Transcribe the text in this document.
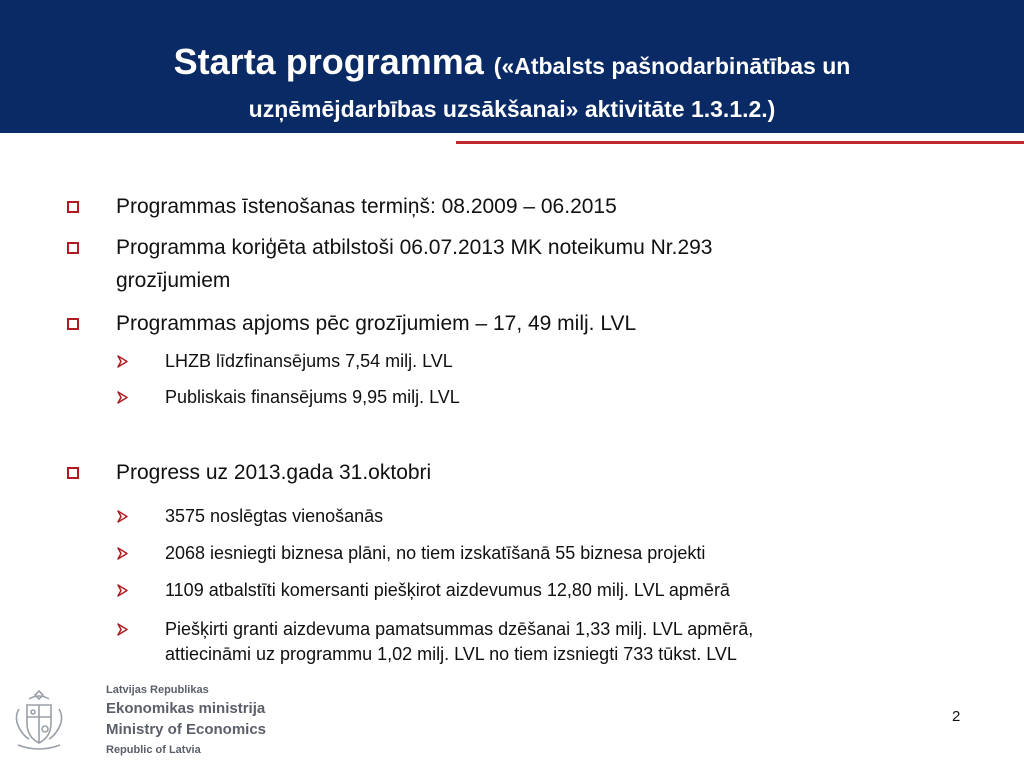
Starta programma («Atbalsts pašnodarbinātības un
uzņēmējdarbības uzsākšanai» aktivitāte 1.3.1.2.)
Programmas īstenošanas termiņš: 08.2009 – 06.2015
Programma koriģēta atbilstoši 06.07.2013 MK noteikumu Nr.293
grozījumiem
Programmas apjoms pēc grozījumiem – 17, 49 milj. LVL
LHZB līdzfinansējums 7,54 milj. LVL
Publiskais finansējums 9,95 milj. LVL
Progress uz 2013.gada 31.oktobri
3575 noslēgtas vienošanās
2068 iesniegti biznesa plāni, no tiem izskatīšanā 55 biznesa projekti
1109 atbalstīti komersanti piešķirot aizdevumus 12,80 milj. LVL apmērā
Piešķirti granti aizdevuma pamatsummas dzēšanai 1,33 milj. LVL apmērā,
attiecināmi uz programmu 1,02 milj. LVL no tiem izsniegti 733 tūkst. LVL
Latvijas Republikas
Ekonomikas ministrija
Ministry of Economics
Republic of Latvia
2
